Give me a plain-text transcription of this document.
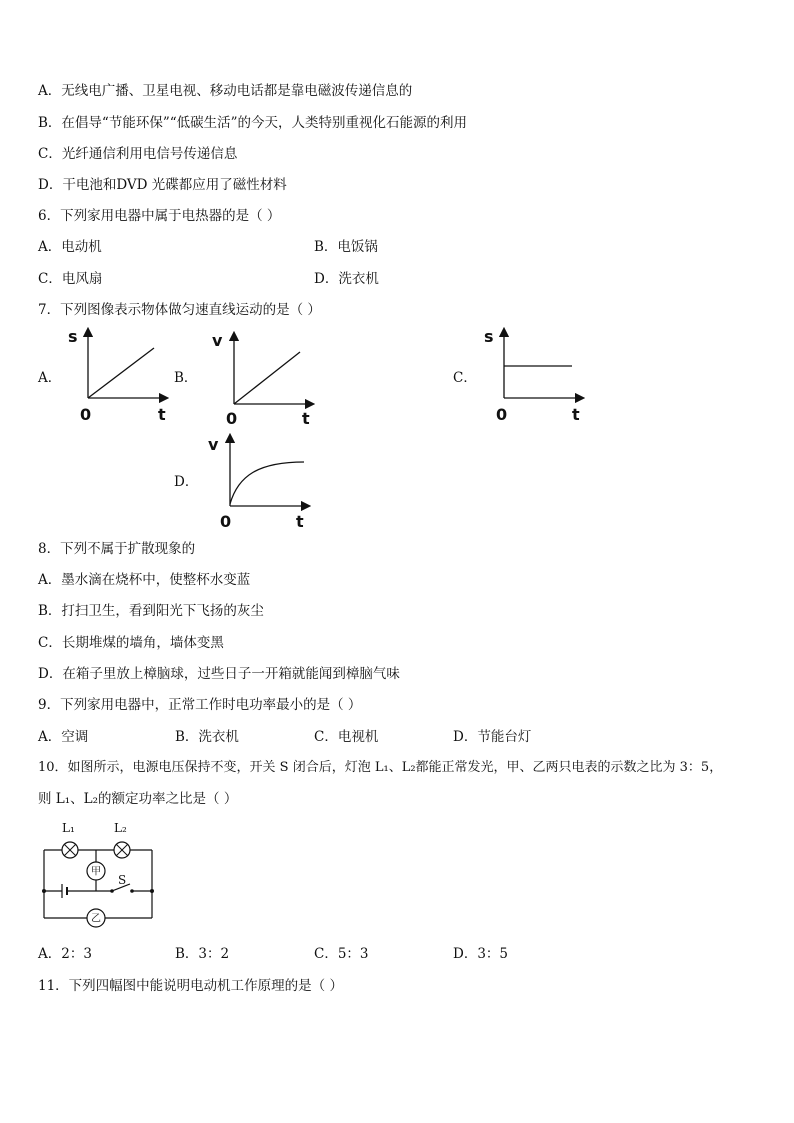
A．无线电广播、卫星电视、移动电话都是靠电磁波传递信息的
B．在倡导“节能环保”“低碳生活”的今天，人类特别重视化石能源的利用
C．光纤通信利用电信号传递信息
D．干电池和DVD 光碟都应用了磁性材料
6．下列家用电器中属于电热器的是（ ）
A．电动机	B．电饭锅
C．电风扇	D．洗衣机
7．下列图像表示物体做匀速直线运动的是（ ）
A．
s
t
0
B．
v
t
0
C．
s
t
0
D．
v
t
0
8．下列不属于扩散现象的
A．墨水滴在烧杯中，使整杯水变蓝
B．打扫卫生，看到阳光下飞扬的灰尘
C．长期堆煤的墙角，墙体变黑
D．在箱子里放上樟脑球，过些日子一开箱就能闻到樟脑气味
9．下列家用电器中，正常工作时电功率最小的是（ ）
A．空调	B．洗衣机	C．电视机	D．节能台灯
10．如图所示，电源电压保持不变，开关 S 闭合后，灯泡 L₁、L₂都能正常发光，甲、乙两只电表的示数之比为 3：5，
则 L₁、L₂的额定功率之比是（ ）
L₁	L₂
甲
S
乙
A．2：3	B．3：2	C．5：3	D．3：5
11．下列四幅图中能说明电动机工作原理的是（ ）
